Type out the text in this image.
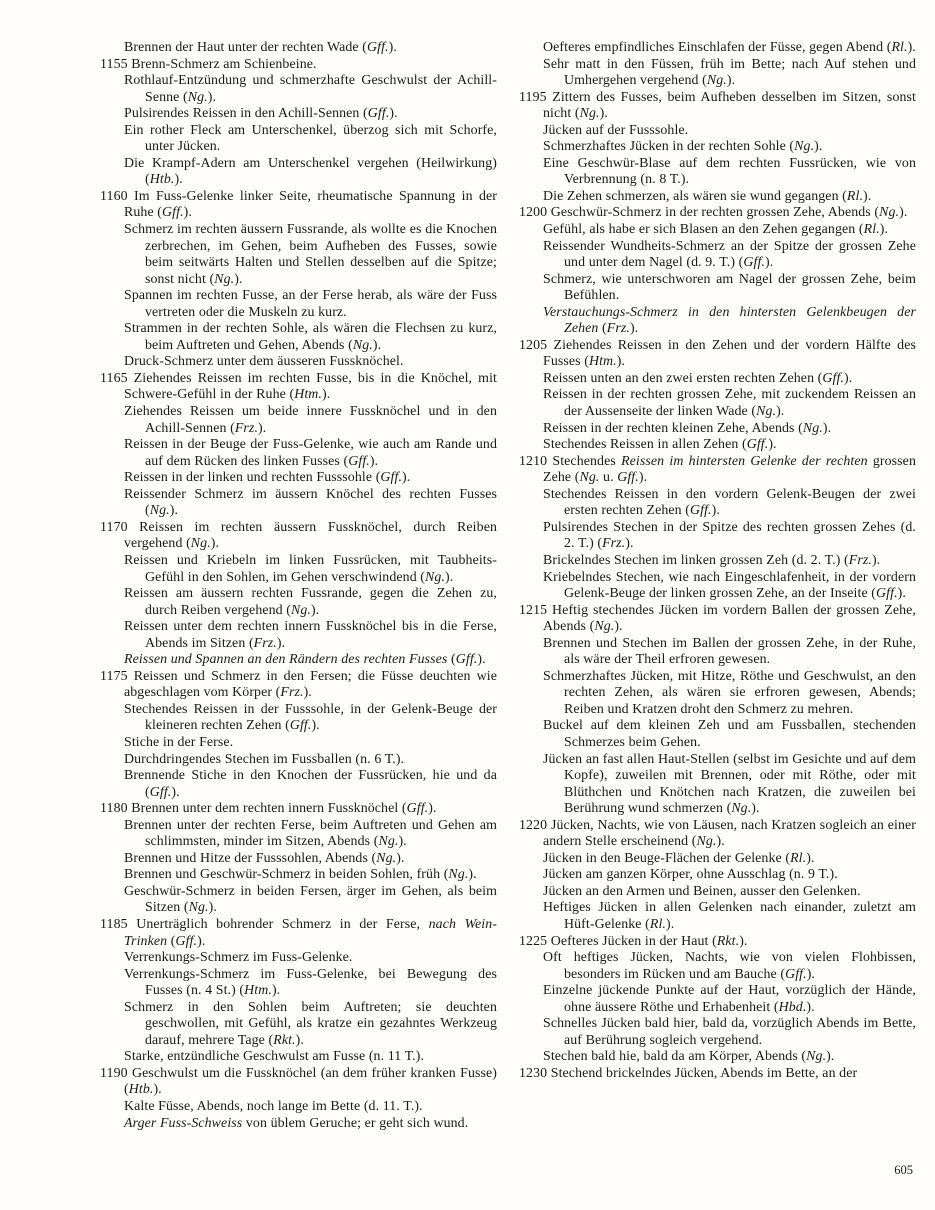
Brennen der Haut unter der rechten Wade (Gff.).

1155 Brenn-Schmerz am Schienbeine.

Rothlauf-Entzündung und schmerzhafte Geschwulst der Achill-Senne (Ng.).

Pulsirendes Reissen in den Achill-Sennen (Gff.).

Ein rother Fleck am Unterschenkel, überzog sich mit Schorfe, unter Jücken.

Die Krampf-Adern am Unterschenkel vergehen (Heilwirkung) (Htb.).

1160 Im Fuss-Gelenke linker Seite, rheumatische Spannung in der Ruhe (Gff.).

Schmerz im rechten äussern Fussrande, als wollte es die Knochen zerbrechen, im Gehen, beim Aufheben des Fusses, sowie beim seitwärts Halten und Stellen desselben auf die Spitze; sonst nicht (Ng.).

Spannen im rechten Fusse, an der Ferse herab, als wäre der Fuss vertreten oder die Muskeln zu kurz.

Strammen in der rechten Sohle, als wären die Flechsen zu kurz, beim Auftreten und Gehen, Abends (Ng.).

Druck-Schmerz unter dem äusseren Fussknöchel.

1165 Ziehendes Reissen im rechten Fusse, bis in die Knöchel, mit Schwere-Gefühl in der Ruhe (Htm.).

Ziehendes Reissen um beide innere Fussknöchel und in den Achill-Sennen (Frz.).

Reissen in der Beuge der Fuss-Gelenke, wie auch am Rande und auf dem Rücken des linken Fusses (Gff.).

Reissen in der linken und rechten Fusssohle (Gff.).

Reissender Schmerz im äussern Knöchel des rechten Fusses (Ng.).

1170 Reissen im rechten äussern Fussknöchel, durch Reiben vergehend (Ng.).

Reissen und Kriebeln im linken Fussrücken, mit Taubheits-Gefühl in den Sohlen, im Gehen verschwindend (Ng.).

Reissen am äussern rechten Fussrande, gegen die Zehen zu, durch Reiben vergehend (Ng.).

Reissen unter dem rechten innern Fussknöchel bis in die Ferse, Abends im Sitzen (Frz.).

Reissen und Spannen an den Rändern des rechten Fusses (Gff.).

1175 Reissen und Schmerz in den Fersen; die Füsse deuchten wie abgeschlagen vom Körper (Frz.).

Stechendes Reissen in der Fusssohle, in der Gelenk-Beuge der kleineren rechten Zehen (Gff.).

Stiche in der Ferse.

Durchdringendes Stechen im Fussballen (n. 6 T.).

Brennende Stiche in den Knochen der Fussrücken, hie und da (Gff.).

1180 Brennen unter dem rechten innern Fussknöchel (Gff.).

Brennen unter der rechten Ferse, beim Auftreten und Gehen am schlimmsten, minder im Sitzen, Abends (Ng.).

Brennen und Hitze der Fusssohlen, Abends (Ng.).

Brennen und Geschwür-Schmerz in beiden Sohlen, früh (Ng.).

Geschwür-Schmerz in beiden Fersen, ärger im Gehen, als beim Sitzen (Ng.).

1185 Unerträglich bohrender Schmerz in der Ferse, nach Wein-Trinken (Gff.).

Verrenkungs-Schmerz im Fuss-Gelenke.

Verrenkungs-Schmerz im Fuss-Gelenke, bei Bewegung des Fusses (n. 4 St.) (Htm.).

Schmerz in den Sohlen beim Auftreten; sie deuchten geschwollen, mit Gefühl, als kratze ein gezahntes Werkzeug darauf, mehrere Tage (Rkt.).

Starke, entzündliche Geschwulst am Fusse (n. 11 T.).

1190 Geschwulst um die Fussknöchel (an dem früher kranken Fusse) (Htb.).

Kalte Füsse, Abends, noch lange im Bette (d. 11. T.).

Arger Fuss-Schweiss von üblem Geruche; er geht sich wund.

Oefteres empfindliches Einschlafen der Füsse, gegen Abend (Rl.).

Sehr matt in den Füssen, früh im Bette; nach Auf stehen und Umhergehen vergehend (Ng.).

1195 Zittern des Fusses, beim Aufheben desselben im Sitzen, sonst nicht (Ng.).

Jücken auf der Fusssohle.

Schmerzhaftes Jücken in der rechten Sohle (Ng.).

Eine Geschwür-Blase auf dem rechten Fussrücken, wie von Verbrennung (n. 8 T.).

Die Zehen schmerzen, als wären sie wund gegangen (Rl.).

1200 Geschwür-Schmerz in der rechten grossen Zehe, Abends (Ng.).

Gefühl, als habe er sich Blasen an den Zehen gegangen (Rl.).

Reissender Wundheits-Schmerz an der Spitze der grossen Zehe und unter dem Nagel (d. 9. T.) (Gff.).

Schmerz, wie unterschworen am Nagel der grossen Zehe, beim Befühlen.

Verstauchungs-Schmerz in den hintersten Gelenkbeugen der Zehen (Frz.).

1205 Ziehendes Reissen in den Zehen und der vordern Hälfte des Fusses (Htm.).

Reissen unten an den zwei ersten rechten Zehen (Gff.).

Reissen in der rechten grossen Zehe, mit zuckendem Reissen an der Aussenseite der linken Wade (Ng.).

Reissen in der rechten kleinen Zehe, Abends (Ng.).

Stechendes Reissen in allen Zehen (Gff.).

1210 Stechendes Reissen im hintersten Gelenke der rechten grossen Zehe (Ng. u. Gff.).

Stechendes Reissen in den vordern Gelenk-Beugen der zwei ersten rechten Zehen (Gff.).

Pulsirendes Stechen in der Spitze des rechten grossen Zehes (d. 2. T.) (Frz.).

Brickelndes Stechen im linken grossen Zeh (d. 2. T.) (Frz.).

Kriebelndes Stechen, wie nach Eingeschlafenheit, in der vordern Gelenk-Beuge der linken grossen Zehe, an der Inseite (Gff.).

1215 Heftig stechendes Jücken im vordern Ballen der grossen Zehe, Abends (Ng.).

Brennen und Stechen im Ballen der grossen Zehe, in der Ruhe, als wäre der Theil erfroren gewesen.

Schmerzhaftes Jücken, mit Hitze, Röthe und Geschwulst, an den rechten Zehen, als wären sie erfroren gewesen, Abends; Reiben und Kratzen droht den Schmerz zu mehren.

Buckel auf dem kleinen Zeh und am Fussballen, stechenden Schmerzes beim Gehen.

Jücken an fast allen Haut-Stellen (selbst im Gesichte und auf dem Kopfe), zuweilen mit Brennen, oder mit Röthe, oder mit Blüthchen und Knötchen nach Kratzen, die zuweilen bei Berührung wund schmerzen (Ng.).

1220 Jücken, Nachts, wie von Läusen, nach Kratzen sogleich an einer andern Stelle erscheinend (Ng.).

Jücken in den Beuge-Flächen der Gelenke (Rl.).

Jücken am ganzen Körper, ohne Ausschlag (n. 9 T.).

Jücken an den Armen und Beinen, ausser den Gelenken.

Heftiges Jücken in allen Gelenken nach einander, zuletzt am Hüft-Gelenke (Rl.).

1225 Oefteres Jücken in der Haut (Rkt.).

Oft heftiges Jücken, Nachts, wie von vielen Flohbissen, besonders im Rücken und am Bauche (Gff.).

Einzelne jückende Punkte auf der Haut, vorzüglich der Hände, ohne äussere Röthe und Erhabenheit (Hbd.).

Schnelles Jücken bald hier, bald da, vorzüglich Abends im Bette, auf Berührung sogleich vergehend.

Stechen bald hie, bald da am Körper, Abends (Ng.).

1230 Stechend brickelndes Jücken, Abends im Bette, an der

605
